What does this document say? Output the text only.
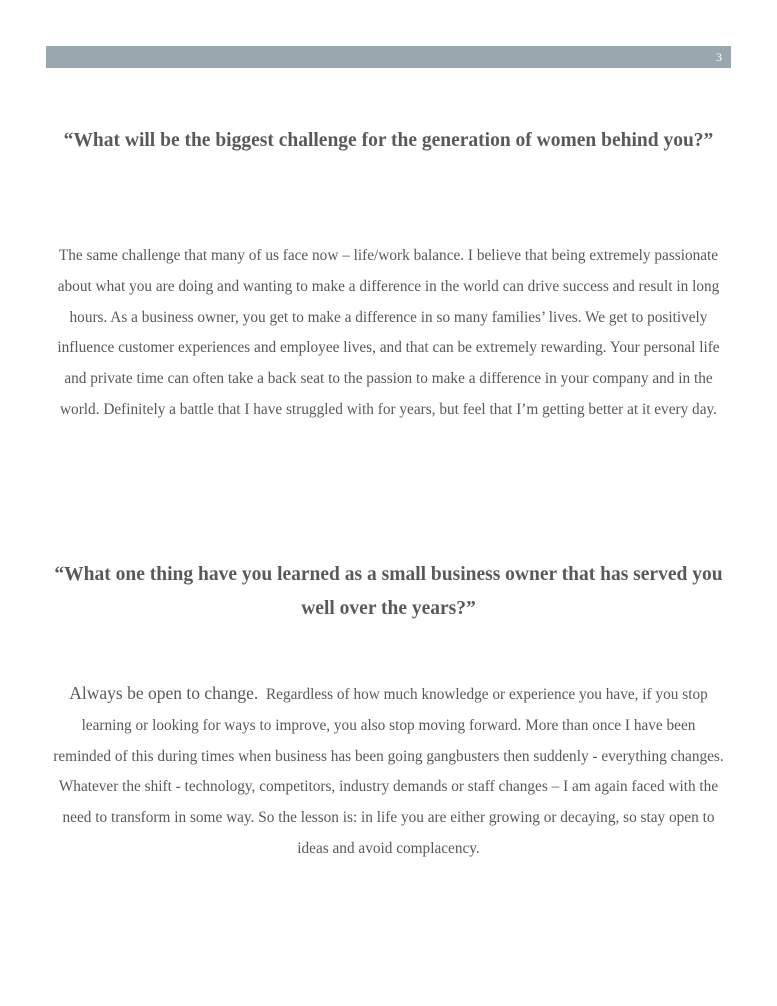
3

“What will be the biggest challenge for the generation of women behind you?”

The same challenge that many of us face now – life/work balance. I believe that being extremely passionate about what you are doing and wanting to make a difference in the world can drive success and result in long hours. As a business owner, you get to make a difference in so many families’ lives. We get to positively influence customer experiences and employee lives, and that can be extremely rewarding. Your personal life and private time can often take a back seat to the passion to make a difference in your company and in the world. Definitely a battle that I have struggled with for years, but feel that I’m getting better at it every day.

“What one thing have you learned as a small business owner that has served you well over the years?”

Always be open to change. Regardless of how much knowledge or experience you have, if you stop learning or looking for ways to improve, you also stop moving forward. More than once I have been reminded of this during times when business has been going gangbusters then suddenly - everything changes. Whatever the shift - technology, competitors, industry demands or staff changes – I am again faced with the need to transform in some way. So the lesson is: in life you are either growing or decaying, so stay open to ideas and avoid complacency.
